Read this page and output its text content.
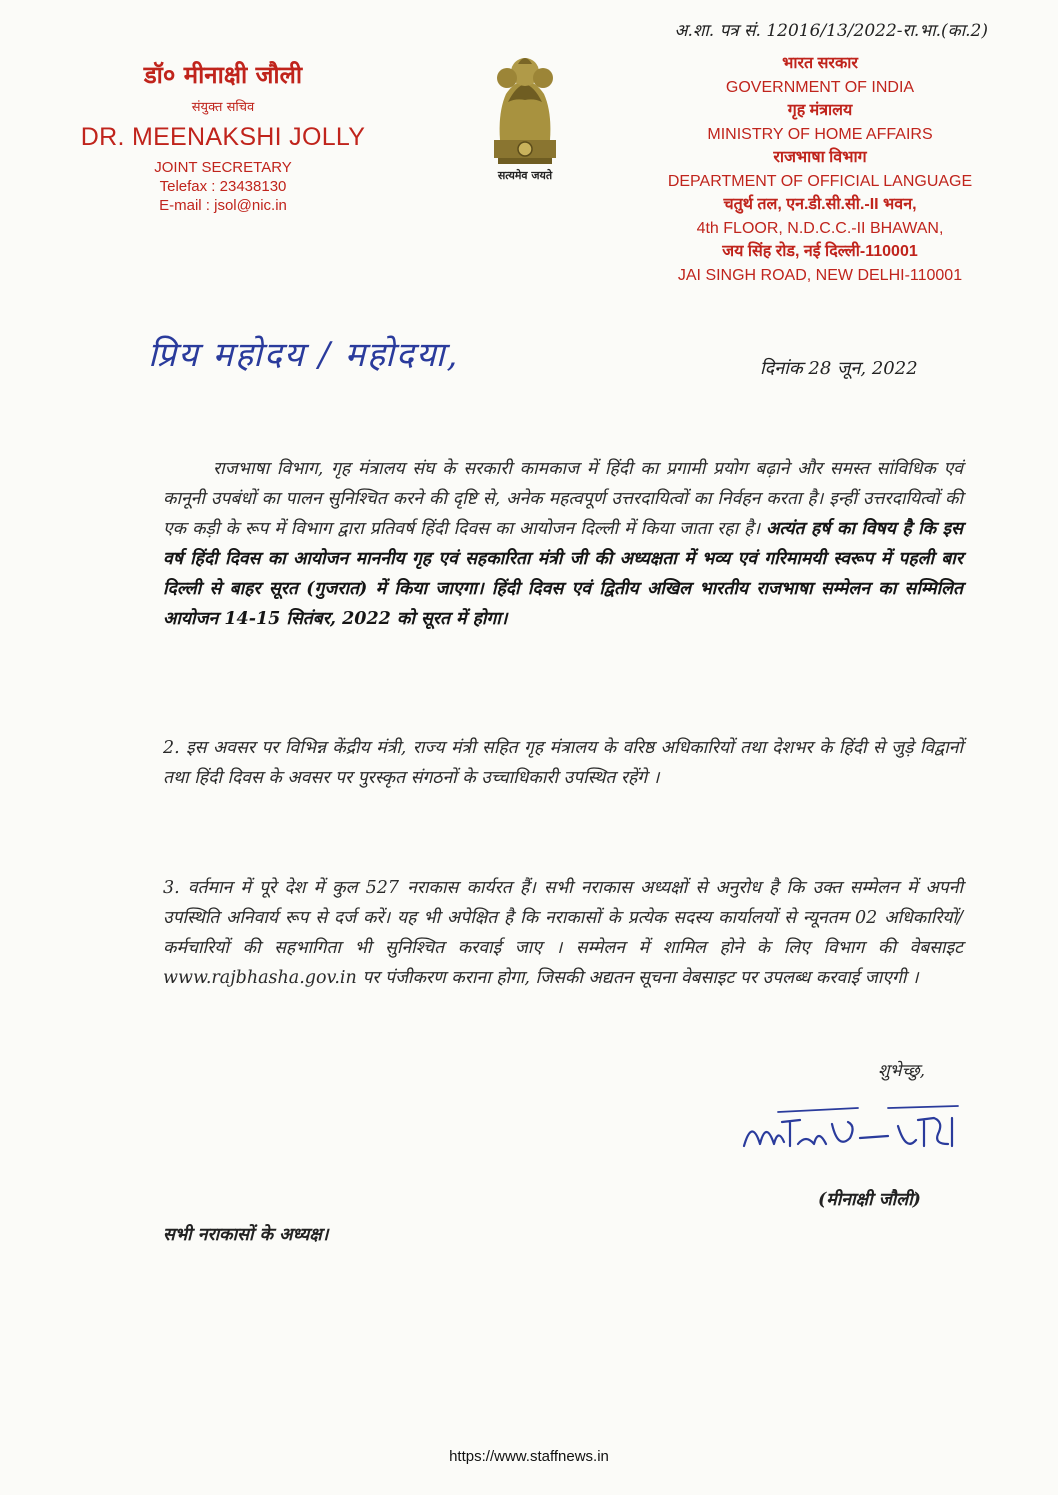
अ.शा. पत्र सं. 12016/13/2022-रा.भा.(का.2)
डॉ० मीनाक्षी जौली
संयुक्त सचिव
DR. MEENAKSHI JOLLY
JOINT SECRETARY
Telefax : 23438130
E-mail : jsol@nic.in
सत्यमेव जयते
भारत सरकार
GOVERNMENT OF INDIA
गृह मंत्रालय
MINISTRY OF HOME AFFAIRS
राजभाषा विभाग
DEPARTMENT OF OFFICIAL LANGUAGE
चतुर्थ तल, एन.डी.सी.सी.-II भवन,
4th FLOOR, N.D.C.C.-II BHAWAN,
जय सिंह रोड, नई दिल्ली-110001
JAI SINGH ROAD, NEW DELHI-110001
प्रिय महोदय / महोदया,	दिनांक 28 जून, 2022
राजभाषा विभाग, गृह मंत्रालय संघ के सरकारी कामकाज में हिंदी का प्रगामी प्रयोग बढ़ाने और समस्त सांविधिक एवं कानूनी उपबंधों का पालन सुनिश्चित करने की दृष्टि से, अनेक महत्वपूर्ण उत्तरदायित्वों का निर्वहन करता है। इन्हीं उत्तरदायित्वों की एक कड़ी के रूप में विभाग द्वारा प्रतिवर्ष हिंदी दिवस का आयोजन दिल्ली में किया जाता रहा है। अत्यंत हर्ष का विषय है कि इस वर्ष हिंदी दिवस का आयोजन माननीय गृह एवं सहकारिता मंत्री जी की अध्यक्षता में भव्य एवं गरिमामयी स्वरूप में पहली बार दिल्ली से बाहर सूरत (गुजरात) में किया जाएगा। हिंदी दिवस एवं द्वितीय अखिल भारतीय राजभाषा सम्मेलन का सम्मिलित आयोजन 14-15 सितंबर, 2022 को सूरत में होगा।
2. इस अवसर पर विभिन्न केंद्रीय मंत्री, राज्य मंत्री सहित गृह मंत्रालय के वरिष्ठ अधिकारियों तथा देशभर के हिंदी से जुड़े विद्वानों तथा हिंदी दिवस के अवसर पर पुरस्कृत संगठनों के उच्चाधिकारी उपस्थित रहेंगे ।
3. वर्तमान में पूरे देश में कुल 527 नराकास कार्यरत हैं। सभी नराकास अध्यक्षों से अनुरोध है कि उक्त सम्मेलन में अपनी उपस्थिति अनिवार्य रूप से दर्ज करें। यह भी अपेक्षित है कि नराकासों के प्रत्येक सदस्य कार्यालयों से न्यूनतम 02 अधिकारियों/ कर्मचारियों की सहभागिता भी सुनिश्चित करवाई जाए । सम्मेलन में शामिल होने के लिए विभाग की वेबसाइट www.rajbhasha.gov.in पर पंजीकरण कराना होगा, जिसकी अद्यतन सूचना वेबसाइट पर उपलब्ध करवाई जाएगी ।
शुभेच्छु,
(मीनाक्षी जौली)
सभी नराकासों के अध्यक्ष।
https://www.staffnews.in
